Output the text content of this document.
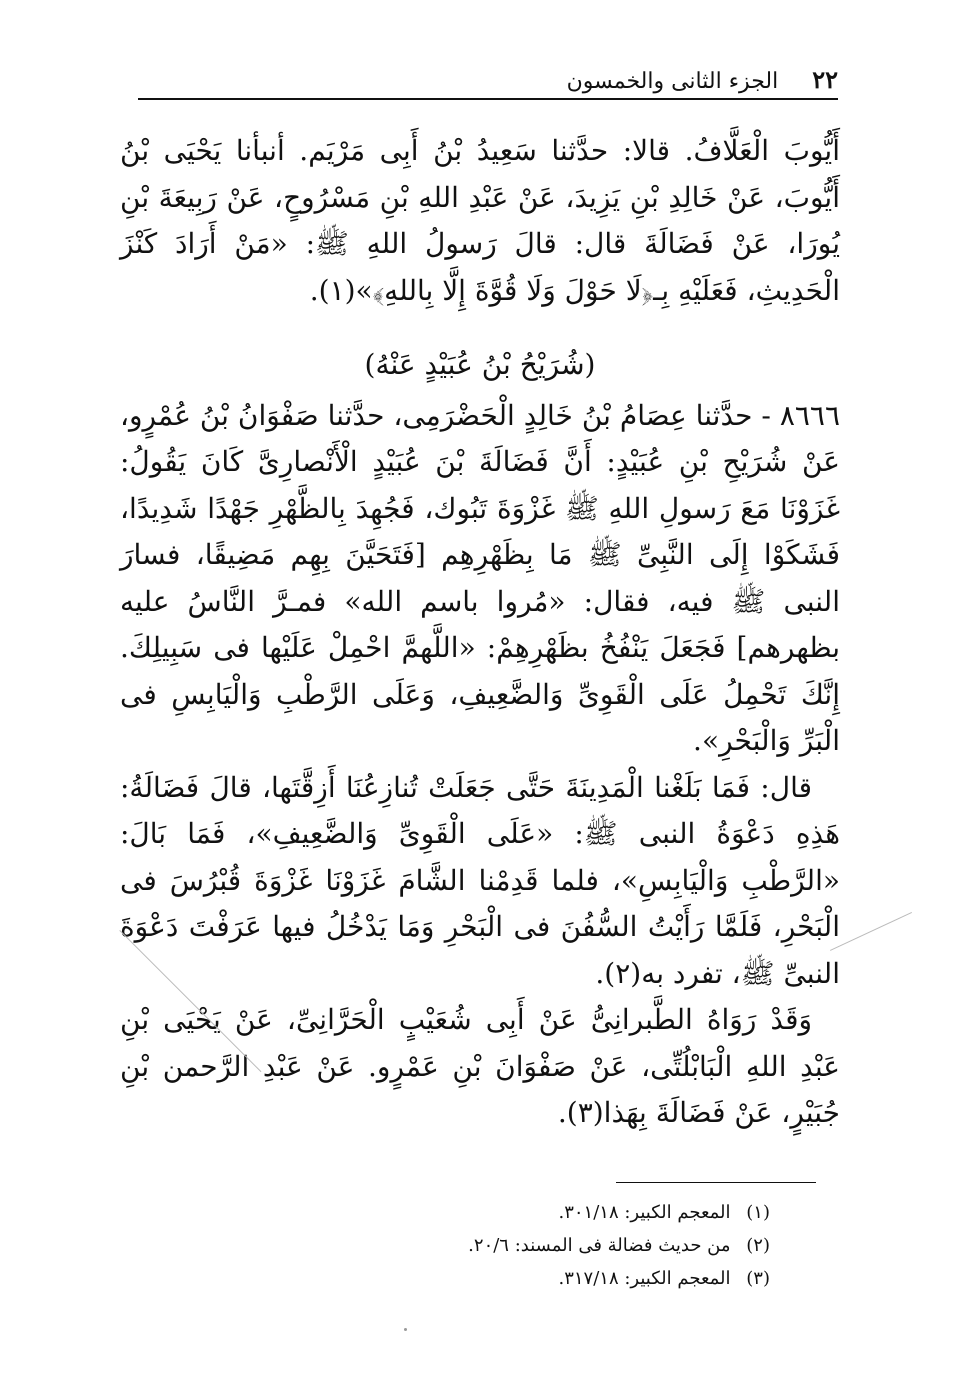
٢٢
الجزء الثانى والخمسون

أَيُّوبَ الْعَلَّافُ. قالا: حدَّثنا سَعِيدُ بْنُ أَبِى مَرْيَم. أنبأنا يَحْيَى بْنُ أَيُّوبَ، عَنْ خَالِدِ بْنِ يَزِيدَ، عَنْ عَبْدِ اللهِ بْنِ مَسْرُوحٍ، عَنْ رَبِيعَةَ بْنِ يُورَا، عَنْ فَضَالَةَ قال: قالَ رَسولُ اللهِ ﷺ: «مَنْ أَرَادَ كَنْزَ الْحَدِيثِ، فَعَلَيْهِ بِـ﴿لَا حَوْلَ وَلَا قُوَّةَ إِلَّا بِاللهِ﴾»(١).

(شُرَيْحُ بْنُ عُبَيْدٍ عَنْهُ)

٨٦٦٦ - حدَّثنا عِصَامُ بْنُ خَالِدٍ الْحَضْرَمِى، حدَّثنا صَفْوَانُ بْنُ عُمْرٍو، عَنْ شُرَيْحِ بْنِ عُبَيْدٍ: أَنَّ فَضَالَةَ بْنَ عُبَيْدٍ الْأَنْصارِىَّ كَانَ يَقُولُ: غَزَوْنَا مَعَ رَسولِ اللهِ ﷺ غَزْوَةَ تَبُوك، فَجُهِدَ بِالظَّهْرِ جَهْدًا شَدِيدًا، فَشَكَوْا إِلَى النَّبِىِّ ﷺ مَا بِظَهْرِهِم [فَتَحَيَّنَ بِهِم مَضِيقًا، فسارَ النبى ﷺ فيه، فقال: «مُروا باسم الله» فمـرَّ النَّاسُ عليه بظهرهم] فَجَعَلَ يَنْفُخُ بظَهْرِهِمْ: «اللَّهمَّ احْمِلْ عَلَيْها فى سَبِيلِكَ. إِنَّكَ تَحْمِلُ عَلَى الْقَوِىِّ وَالضَّعِيفِ، وَعَلَى الرَّطْبِ وَالْيَابِسِ فى الْبَرِّ وَالْبَحْرِ».

قال: فَمَا بَلَغْنا الْمَدِينَةَ حَتَّى جَعَلَتْ تُنازِعُنَا أَزِقَّتَها، قالَ فَضَالَةُ: هَذِهِ دَعْوَةُ النبى ﷺ: «عَلَى الْقَوِىِّ وَالضَّعِيفِ»، فَمَا بَالَ: «الرَّطْبِ وَالْيَابِسِ»، فلما قَدِمْنا الشَّامَ غَزَوْنَا غَزْوَةَ قُبْرُسَ فى الْبَحْرِ، فَلَمَّا رَأَيْتُ السُّفُنَ فى الْبَحْرِ وَمَا يَدْخُلُ فيها عَرَفْتَ دَعْوَةَ النبىِّ ﷺ، تفرد به(٢).

وَقَدْ رَوَاهُ الطَّبرانِىُّ عَنْ أَبِى شُعَيْبٍ الْحَرَّانِىِّ، عَنْ يَحْيَى بْنِ عَبْدِ اللهِ الْبَابْلُتِّى، عَنْ صَفْوَانَ بْنِ عَمْرٍو. عَنْ عَبْدِ الرَّحمن بْنِ جُبَيْرٍ، عَنْ فَضَالَةَ بِهَذا(٣).

(١) المعجم الكبير: ٣٠١/١٨.

(٢) من حديث فضالة فى المسند: ٢٠/٦.

(٣) المعجم الكبير: ٣١٧/١٨.
